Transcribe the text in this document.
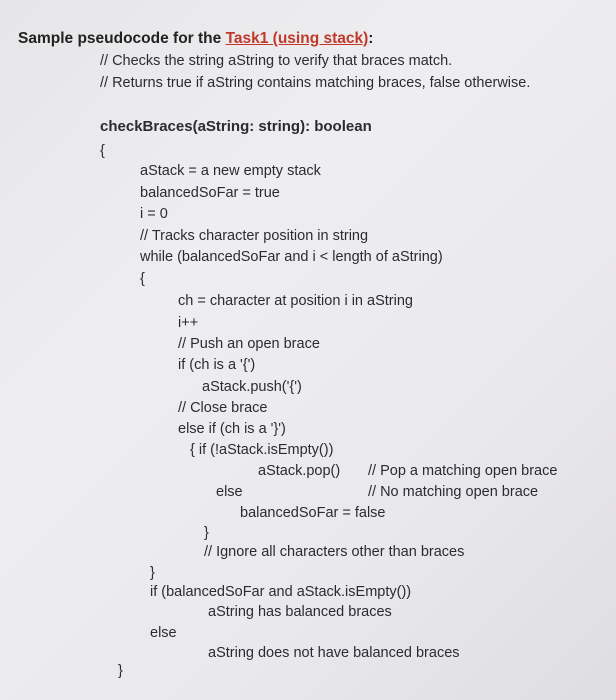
Sample pseudocode for the Task1 (using stack):
// Checks the string aString to verify that braces match.
// Returns true if aString contains matching braces, false otherwise.
checkBraces(aString: string): boolean
{
aStack = a new empty stack
balancedSoFar = true
i = 0
// Tracks character position in string
while (balancedSoFar and i < length of aString)
{
ch = character at position i in aString
i++
// Push an open brace
if (ch is a '{')
aStack.push('{')
// Close brace
else if (ch is a '}')
{ if (!aStack.isEmpty())
aStack.pop() // Pop a matching open brace
else	// No matching open brace
balancedSoFar = false
}
// Ignore all characters other than braces
}
if (balancedSoFar and aStack.isEmpty())
aString has balanced braces
else
aString does not have balanced braces
}
